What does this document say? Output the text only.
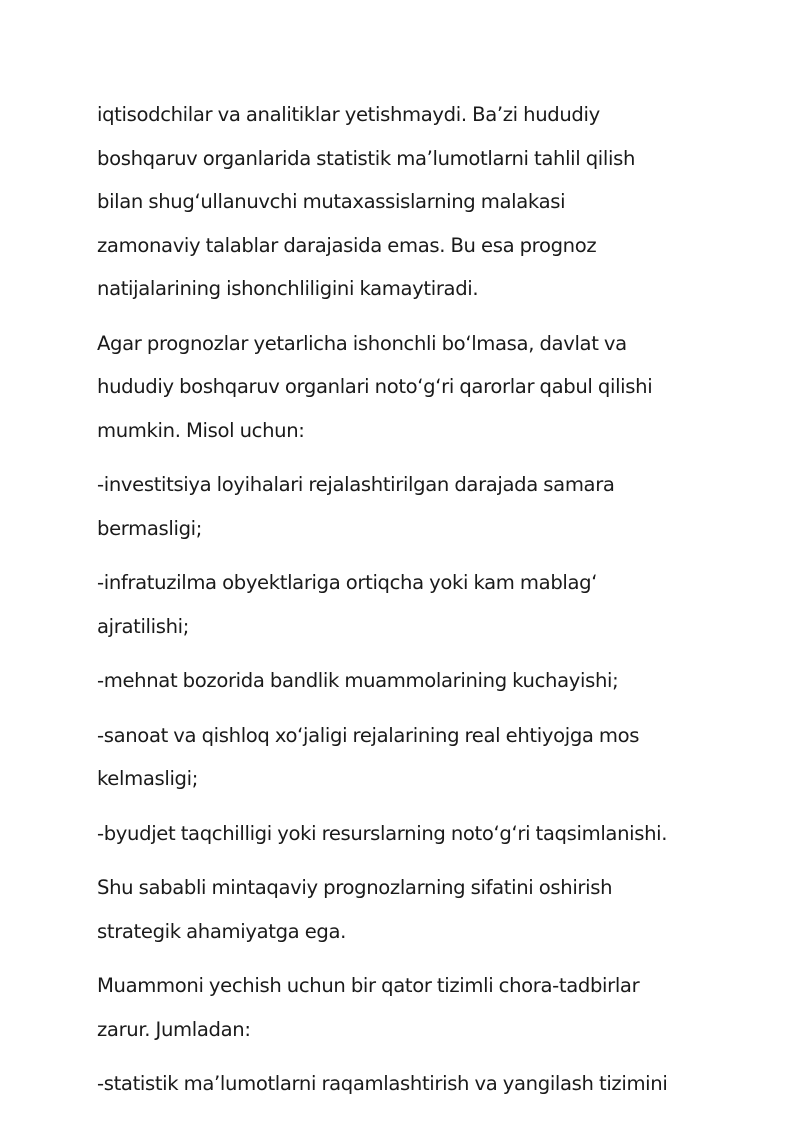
iqtisodchilar va analitiklar yetishmaydi. Ba’zi hududiy
boshqaruv organlarida statistik ma’lumotlarni tahlil qilish
bilan shug‘ullanuvchi mutaxassislarning malakasi
zamonaviy talablar darajasida emas. Bu esa prognoz
natijalarining ishonchliligini kamaytiradi.

Agar prognozlar yetarlicha ishonchli bo‘lmasa, davlat va
hududiy boshqaruv organlari noto‘g‘ri qarorlar qabul qilishi
mumkin. Misol uchun:

-investitsiya loyihalari rejalashtirilgan darajada samara
bermasligi;

-infratuzilma obyektlariga ortiqcha yoki kam mablag‘
ajratilishi;

-mehnat bozorida bandlik muammolarining kuchayishi;

-sanoat va qishloq xo‘jaligi rejalarining real ehtiyojga mos
kelmasligi;

-byudjet taqchilligi yoki resurslarning noto‘g‘ri taqsimlanishi.

Shu sababli mintaqaviy prognozlarning sifatini oshirish
strategik ahamiyatga ega.

Muammoni yechish uchun bir qator tizimli chora-tadbirlar
zarur. Jumladan:

-statistik ma’lumotlarni raqamlashtirish va yangilash tizimini
